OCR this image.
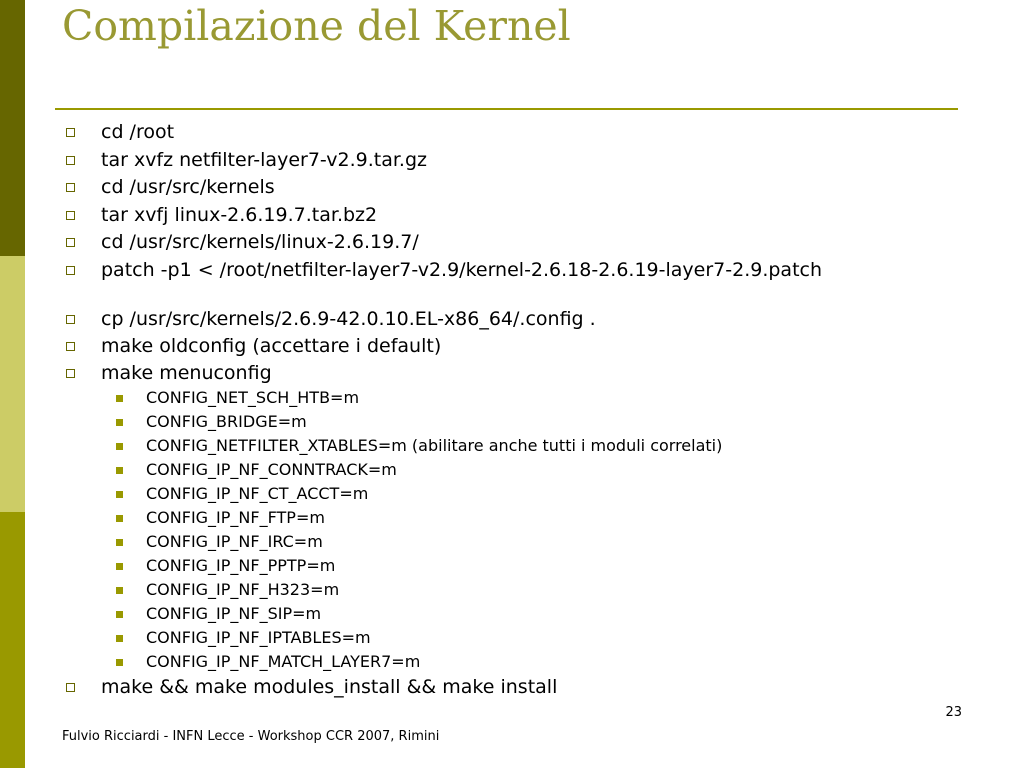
Compilazione del Kernel
cd /root
tar xvfz netfilter-layer7-v2.9.tar.gz
cd /usr/src/kernels
tar xvfj linux-2.6.19.7.tar.bz2
cd /usr/src/kernels/linux-2.6.19.7/
patch -p1 < /root/netfilter-layer7-v2.9/kernel-2.6.18-2.6.19-layer7-2.9.patch
cp /usr/src/kernels/2.6.9-42.0.10.EL-x86_64/.config .
make oldconfig (accettare i default)
make menuconfig
CONFIG_NET_SCH_HTB=m
CONFIG_BRIDGE=m
CONFIG_NETFILTER_XTABLES=m (abilitare anche tutti i moduli correlati)
CONFIG_IP_NF_CONNTRACK=m
CONFIG_IP_NF_CT_ACCT=m
CONFIG_IP_NF_FTP=m
CONFIG_IP_NF_IRC=m
CONFIG_IP_NF_PPTP=m
CONFIG_IP_NF_H323=m
CONFIG_IP_NF_SIP=m
CONFIG_IP_NF_IPTABLES=m
CONFIG_IP_NF_MATCH_LAYER7=m
make && make modules_install && make install
23
Fulvio Ricciardi - INFN Lecce - Workshop CCR 2007, Rimini
